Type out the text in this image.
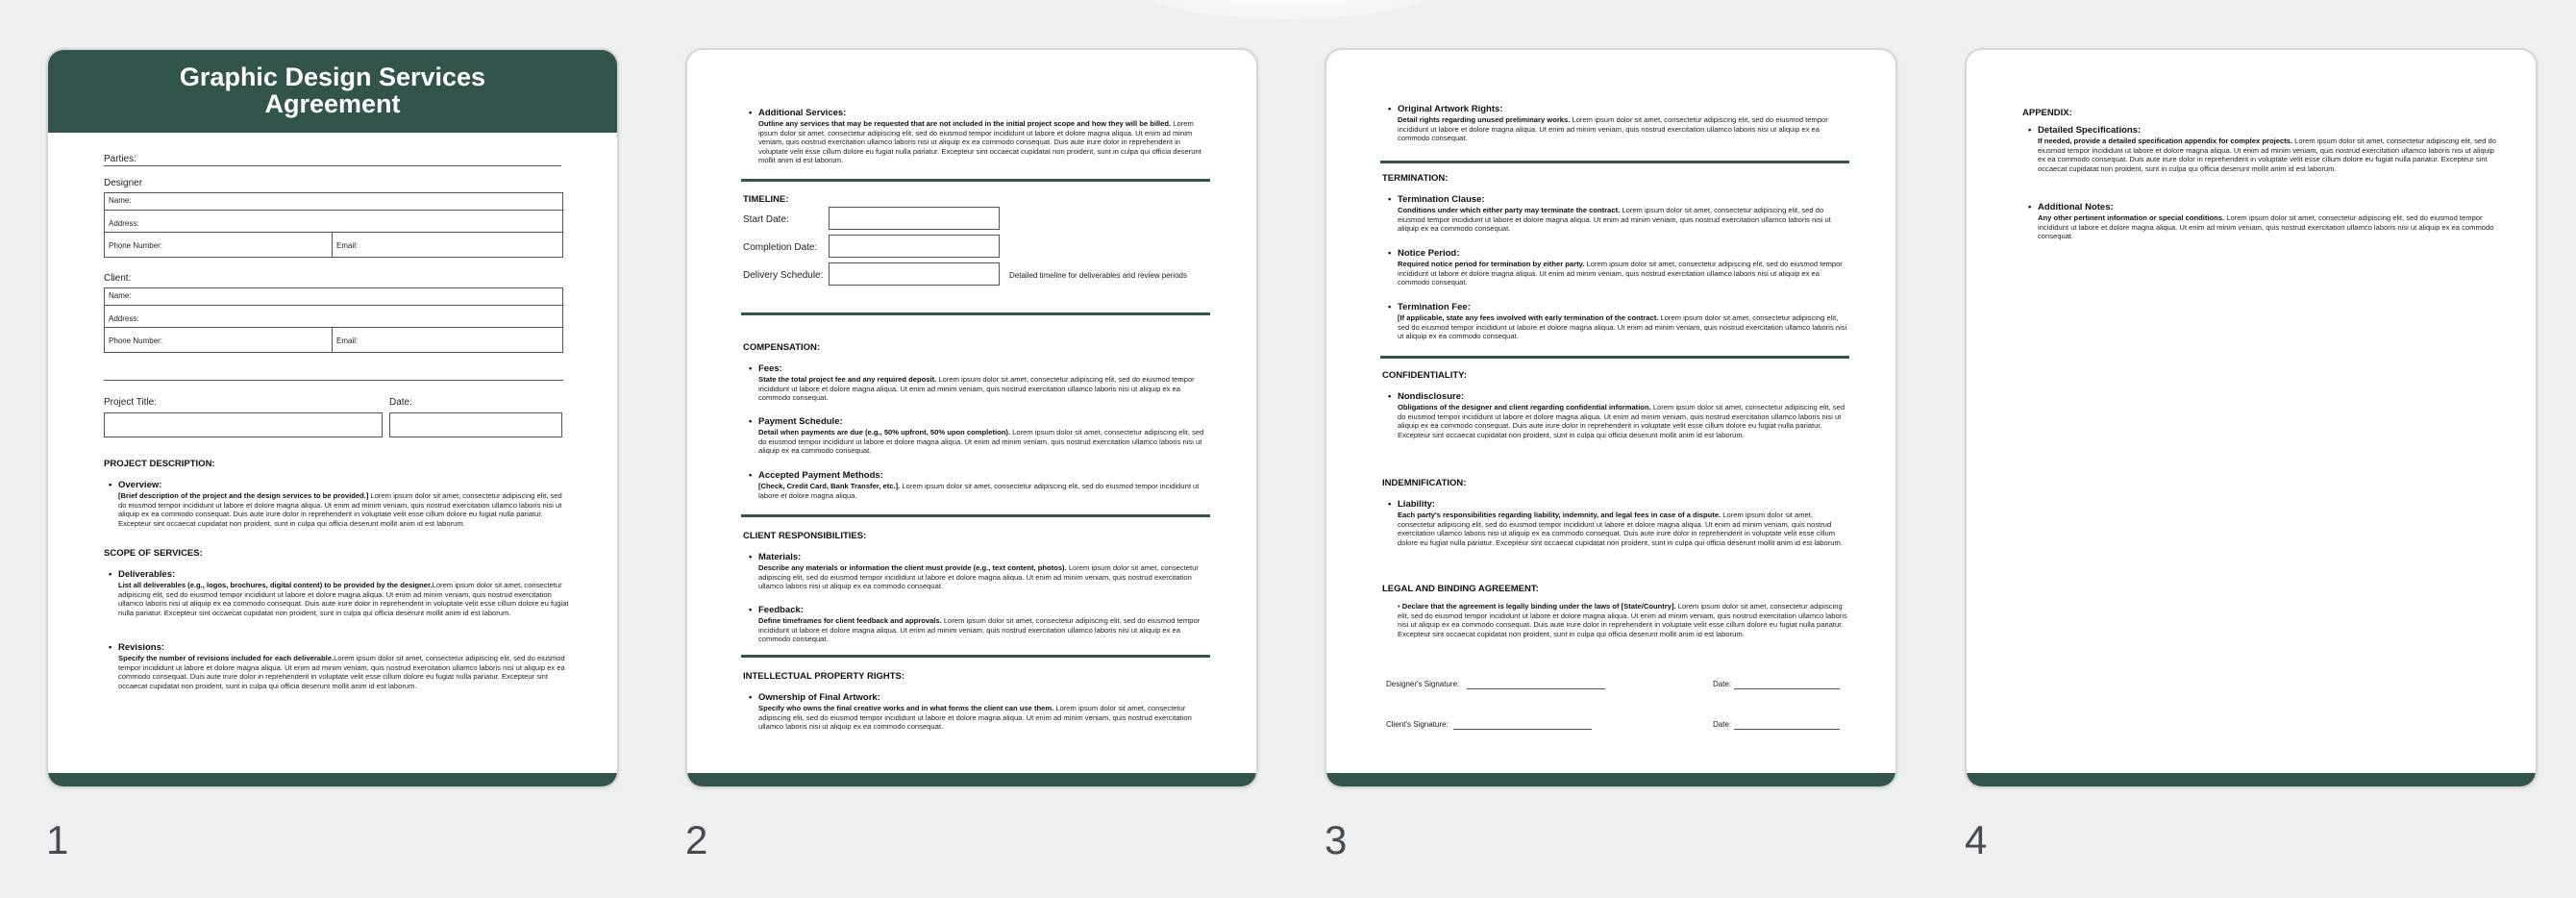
Graphic Design Services
Agreement
Parties:
Designer
Name:
Address:
Phone Number:	Email:
Client:
Name:
Address:
Phone Number:	Email:
Project Title:	Date:
PROJECT DESCRIPTION:
• Overview:
[Brief description of the project and the design services to be provided.] Lorem ipsum dolor sit amet, consectetur adipiscing elit, sed do eiusmod tempor incididunt ut labore et dolore magna aliqua. Ut enim ad minim veniam, quis nostrud exercitation ullamco laboris nisi ut aliquip ex ea commodo consequat. Duis aute irure dolor in reprehenderit in voluptate velit esse cillum dolore eu fugiat nulla pariatur. Excepteur sint occaecat cupidatat non proident, sunt in culpa qui officia deserunt mollit anim id est laborum.
SCOPE OF SERVICES:
• Deliverables:
List all deliverables (e.g., logos, brochures, digital content) to be provided by the designer.Lorem ipsum dolor sit amet, consectetur adipiscing elit, sed do eiusmod tempor incididunt ut labore et dolore magna aliqua. Ut enim ad minim veniam, quis nostrud exercitation ullamco laboris nisi ut aliquip ex ea commodo consequat. Duis aute irure dolor in reprehenderit in voluptate velit esse cillum dolore eu fugiat nulla pariatur. Excepteur sint occaecat cupidatat non proident, sunt in culpa qui officia deserunt mollit anim id est laborum.
• Revisions:
Specify the number of revisions included for each deliverable.Lorem ipsum dolor sit amet, consectetur adipiscing elit, sed do eiusmod tempor incididunt ut labore et dolore magna aliqua. Ut enim ad minim veniam, quis nostrud exercitation ullamco laboris nisi ut aliquip ex ea commodo consequat. Duis aute irure dolor in reprehenderit in voluptate velit esse cillum dolore eu fugiat nulla pariatur. Excepteur sint occaecat cupidatat non proident, sunt in culpa qui officia deserunt mollit anim id est laborum.
• Additional Services:
Outline any services that may be requested that are not included in the initial project scope and how they will be billed. Lorem ipsum dolor sit amet, consectetur adipiscing elit, sed do eiusmod tempor incididunt ut labore et dolore magna aliqua. Ut enim ad minim veniam, quis nostrud exercitation ullamco laboris nisi ut aliquip ex ea commodo consequat. Duis aute irure dolor in reprehenderit in voluptate velit esse cillum dolore eu fugiat nulla pariatur. Excepteur sint occaecat cupidatat non proident, sunt in culpa qui officia deserunt mollit anim id est laborum.
TIMELINE:
Start Date:
Completion Date:
Delivery Schedule:	Detailed timeline for deliverables and review periods
COMPENSATION:
• Fees:
State the total project fee and any required deposit. Lorem ipsum dolor sit amet, consectetur adipiscing elit, sed do eiusmod tempor incididunt ut labore et dolore magna aliqua. Ut enim ad minim veniam, quis nostrud exercitation ullamco laboris nisi ut aliquip ex ea commodo consequat.
• Payment Schedule:
Detail when payments are due (e.g., 50% upfront, 50% upon completion). Lorem ipsum dolor sit amet, consectetur adipiscing elit, sed do eiusmod tempor incididunt ut labore et dolore magna aliqua. Ut enim ad minim veniam, quis nostrud exercitation ullamco laboris nisi ut aliquip ex ea commodo consequat.
• Accepted Payment Methods:
[Check, Credit Card, Bank Transfer, etc.]. Lorem ipsum dolor sit amet, consectetur adipiscing elit, sed do eiusmod tempor incididunt ut labore et dolore magna aliqua.
CLIENT RESPONSIBILITIES:
• Materials:
Describe any materials or information the client must provide (e.g., text content, photos). Lorem ipsum dolor sit amet, consectetur adipiscing elit, sed do eiusmod tempor incididunt ut labore et dolore magna aliqua. Ut enim ad minim veniam, quis nostrud exercitation ullamco laboris nisi ut aliquip ex ea commodo consequat.
• Feedback:
Define timeframes for client feedback and approvals. Lorem ipsum dolor sit amet, consectetur adipiscing elit, sed do eiusmod tempor incididunt ut labore et dolore magna aliqua. Ut enim ad minim veniam, quis nostrud exercitation ullamco laboris nisi ut aliquip ex ea commodo consequat.
INTELLECTUAL PROPERTY RIGHTS:
• Ownership of Final Artwork:
Specify who owns the final creative works and in what forms the client can use them. Lorem ipsum dolor sit amet, consectetur adipiscing elit, sed do eiusmod tempor incididunt ut labore et dolore magna aliqua. Ut enim ad minim veniam, quis nostrud exercitation ullamco laboris nisi ut aliquip ex ea commodo consequat.
• Original Artwork Rights:
Detail rights regarding unused preliminary works. Lorem ipsum dolor sit amet, consectetur adipiscing elit, sed do eiusmod tempor incididunt ut labore et dolore magna aliqua. Ut enim ad minim veniam, quis nostrud exercitation ullamco laboris nisi ut aliquip ex ea commodo consequat.
TERMINATION:
• Termination Clause:
Conditions under which either party may terminate the contract. Lorem ipsum dolor sit amet, consectetur adipiscing elit, sed do eiusmod tempor incididunt ut labore et dolore magna aliqua. Ut enim ad minim veniam, quis nostrud exercitation ullamco laboris nisi ut aliquip ex ea commodo consequat.
• Notice Period:
Required notice period for termination by either party. Lorem ipsum dolor sit amet, consectetur adipiscing elit, sed do eiusmod tempor incididunt ut labore et dolore magna aliqua. Ut enim ad minim veniam, quis nostrud exercitation ullamco laboris nisi ut aliquip ex ea commodo consequat.
• Termination Fee:
[If applicable, state any fees involved with early termination of the contract. Lorem ipsum dolor sit amet, consectetur adipiscing elit, sed do eiusmod tempor incididunt ut labore et dolore magna aliqua. Ut enim ad minim veniam, quis nostrud exercitation ullamco laboris nisi ut aliquip ex ea commodo consequat.
CONFIDENTIALITY:
• Nondisclosure:
Obligations of the designer and client regarding confidential information. Lorem ipsum dolor sit amet, consectetur adipiscing elit, sed do eiusmod tempor incididunt ut labore et dolore magna aliqua. Ut enim ad minim veniam, quis nostrud exercitation ullamco laboris nisi ut aliquip ex ea commodo consequat. Duis aute irure dolor in reprehenderit in voluptate velit esse cillum dolore eu fugiat nulla pariatur. Excepteur sint occaecat cupidatat non proident, sunt in culpa qui officia deserunt mollit anim id est laborum.
INDEMNIFICATION:
• Liability:
Each party's responsibilities regarding liability, indemnity, and legal fees in case of a dispute. Lorem ipsum dolor sit amet, consectetur adipiscing elit, sed do eiusmod tempor incididunt ut labore et dolore magna aliqua. Ut enim ad minim veniam, quis nostrud exercitation ullamco laboris nisi ut aliquip ex ea commodo consequat. Duis aute irure dolor in reprehenderit in voluptate velit esse cillum dolore eu fugiat nulla pariatur. Excepteur sint occaecat cupidatat non proident, sunt in culpa qui officia deserunt mollit anim id est laborum.
LEGAL AND BINDING AGREEMENT:
• Declare that the agreement is legally binding under the laws of [State/Country]. Lorem ipsum dolor sit amet, consectetur adipiscing elit, sed do eiusmod tempor incididunt ut labore et dolore magna aliqua. Ut enim ad minim veniam, quis nostrud exercitation ullamco laboris nisi ut aliquip ex ea commodo consequat. Duis aute irure dolor in reprehenderit in voluptate velit esse cillum dolore eu fugiat nulla pariatur. Excepteur sint occaecat cupidatat non proident, sunt in culpa qui officia deserunt mollit anim id est laborum.
Designer's Signature:	Date:
Client's Signature:	Date:
APPENDIX:
• Detailed Specifications:
If needed, provide a detailed specification appendix for complex projects. Lorem ipsum dolor sit amet, consectetur adipiscing elit, sed do eiusmod tempor incididunt ut labore et dolore magna aliqua. Ut enim ad minim veniam, quis nostrud exercitation ullamco laboris nisi ut aliquip ex ea commodo consequat. Duis aute irure dolor in reprehenderit in voluptate velit esse cillum dolore eu fugiat nulla pariatur. Excepteur sint occaecat cupidatat non proident, sunt in culpa qui officia deserunt mollit anim id est laborum.
• Additional Notes:
Any other pertinent information or special conditions. Lorem ipsum dolor sit amet, consectetur adipiscing elit, sed do eiusmod tempor incididunt ut labore et dolore magna aliqua. Ut enim ad minim veniam, quis nostrud exercitation ullamco laboris nisi ut aliquip ex ea commodo consequat.
1	2	3	4
